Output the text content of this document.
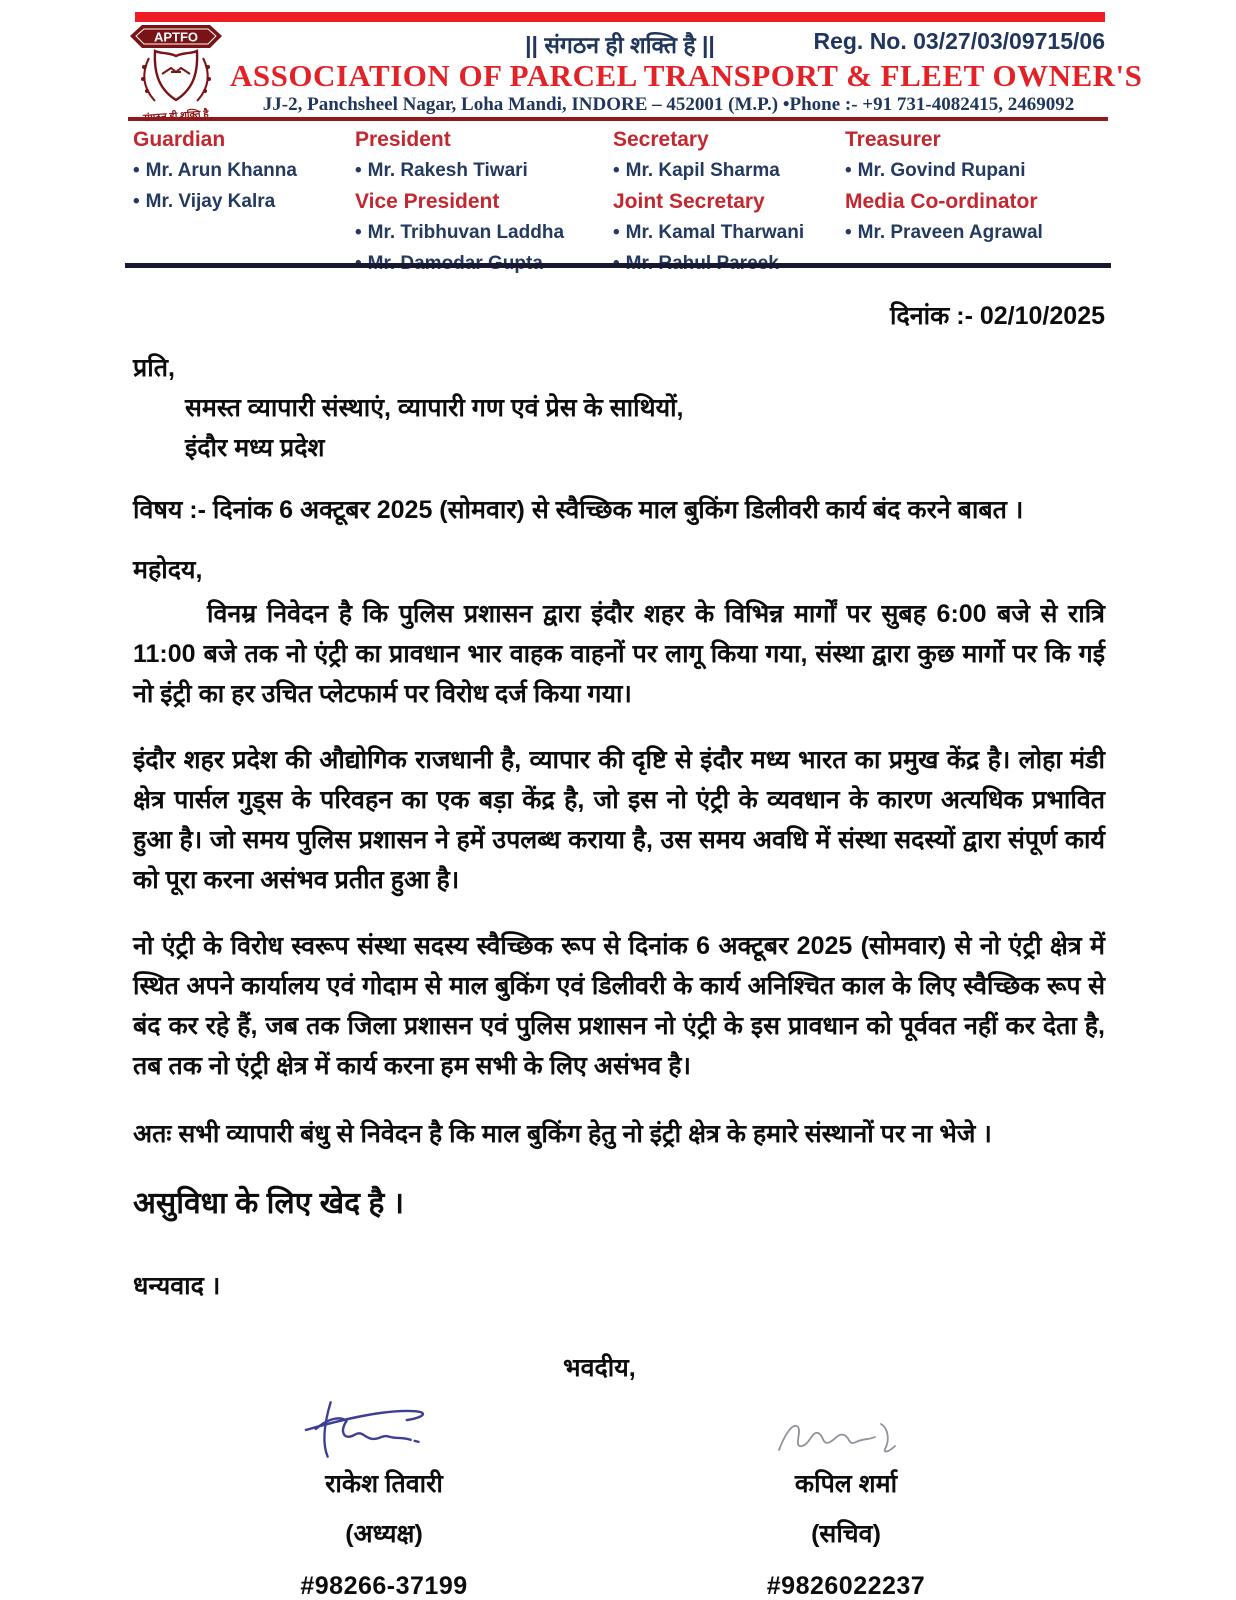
APTFO	|| संगठन ही शक्ति है ||	Reg. No. 03/27/03/09715/06
ASSOCIATION OF PARCEL TRANSPORT & FLEET OWNER'S
JJ-2, Panchsheel Nagar, Loha Mandi, INDORE – 452001 (M.P.) •Phone :- +91 731-4082415, 2469092
Guardian
• Mr. Arun Khanna
• Mr. Vijay Kalra
President
• Mr. Rakesh Tiwari
Vice President
• Mr. Tribhuvan Laddha
Secretary
• Mr. Kapil Sharma
Joint Secretary
• Mr. Kamal Tharwani
Treasurer
• Mr. Govind Rupani
Media Co-ordinator
• Mr. Praveen Agrawal
दिनांक :- 02/10/2025
प्रति,
समस्त व्यापारी संस्थाएं, व्यापारी गण एवं प्रेस के साथियों,
इंदौर मध्य प्रदेश
विषय :- दिनांक 6 अक्टूबर 2025 (सोमवार) से स्वैच्छिक माल बुकिंग डिलीवरी कार्य बंद करने बाबत ।
महोदय,

विनम्र निवेदन है कि पुलिस प्रशासन द्वारा इंदौर शहर के विभिन्न मार्गों पर सुबह 6:00 बजे से रात्रि 11:00 बजे तक नो एंट्री का प्रावधान भार वाहक वाहनों पर लागू किया गया, संस्था द्वारा कुछ मार्गो पर कि गई नो इंट्री का हर उचित प्लेटफार्म पर विरोध दर्ज किया गया।

इंदौर शहर प्रदेश की औद्योगिक राजधानी है, व्यापार की दृष्टि से इंदौर मध्य भारत का प्रमुख केंद्र है। लोहा मंडी क्षेत्र पार्सल गुड्स के परिवहन का एक बड़ा केंद्र है, जो इस नो एंट्री के व्यवधान के कारण अत्यधिक प्रभावित हुआ है। जो समय पुलिस प्रशासन ने हमें उपलब्ध कराया है, उस समय अवधि में संस्था सदस्यों द्वारा संपूर्ण कार्य को पूरा करना असंभव प्रतीत हुआ है।

नो एंट्री के विरोध स्वरूप संस्था सदस्य स्वैच्छिक रूप से दिनांक 6 अक्टूबर 2025 (सोमवार) से नो एंट्री क्षेत्र में स्थित अपने कार्यालय एवं गोदाम से माल बुकिंग एवं डिलीवरी के कार्य अनिश्चित काल के लिए स्वैच्छिक रूप से बंद कर रहे हैं, जब तक जिला प्रशासन एवं पुलिस प्रशासन नो एंट्री के इस प्रावधान को पूर्ववत नहीं कर देता है, तब तक नो एंट्री क्षेत्र में कार्य करना हम सभी के लिए असंभव है।

अतः सभी व्यापारी बंधु से निवेदन है कि माल बुकिंग हेतु नो इंट्री क्षेत्र के हमारे संस्थानों पर ना भेजे ।

असुविधा के लिए खेद है ।
धन्यवाद ।
भवदीय,
राकेश तिवारी
(अध्यक्ष)
#98266-37199
कपिल शर्मा
(सचिव)
#9826022237
